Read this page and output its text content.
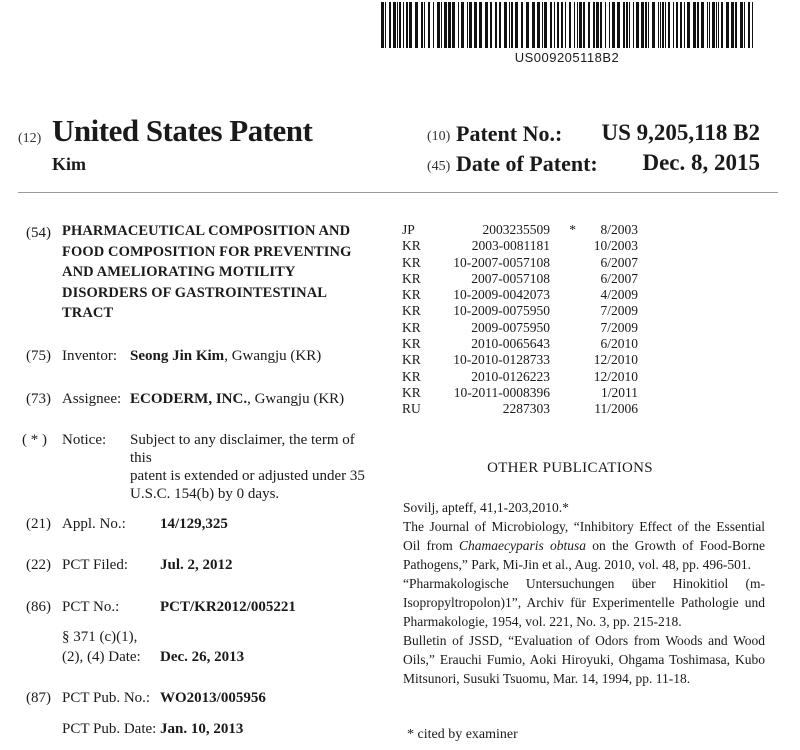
US009205118B2
(12) United States Patent
Kim
(10) Patent No.: US 9,205,118 B2
(45) Date of Patent: Dec. 8, 2015
(54) PHARMACEUTICAL COMPOSITION AND
FOOD COMPOSITION FOR PREVENTING
AND AMELIORATING MOTILITY
DISORDERS OF GASTROINTESTINAL
TRACT
(75) Inventor: Seong Jin Kim, Gwangju (KR)
(73) Assignee: ECODERM, INC., Gwangju (KR)
( * ) Notice: Subject to any disclaimer, the term of this
patent is extended or adjusted under 35
U.S.C. 154(b) by 0 days.
(21) Appl. No.: 14/129,325
(22) PCT Filed: Jul. 2, 2012
(86) PCT No.:	PCT/KR2012/005221
§ 371 (c)(1),
(2), (4) Date: Dec. 26, 2013
(87) PCT Pub. No.: WO2013/005956
PCT Pub. Date: Jan. 10, 2013
JP	2003235509	*	8/2003
KR	2003-0081181	10/2003
KR	10-2007-0057108	6/2007
KR	2007-0057108	6/2007
KR	10-2009-0042073	4/2009
KR	10-2009-0075950	7/2009
KR	2009-0075950	7/2009
KR	2010-0065643	6/2010
KR	10-2010-0128733	12/2010
KR	2010-0126223	12/2010
KR	10-2011-0008396	1/2011
RU	2287303	11/2006
OTHER PUBLICATIONS
Sovilj, apteff, 41,1-203,2010.*
The Journal of Microbiology, “Inhibitory Effect of the Essential Oil from Chamaecyparis obtusa on the Growth of Food-Borne Pathogens,” Park, Mi-Jin et al., Aug. 2010, vol. 48, pp. 496-501.
“Pharmakologische Untersuchungen über Hinokitiol (m-Isopropyltropolon)1”, Archiv für Experimentelle Pathologie und Pharmakologie, 1954, vol. 221, No. 3, pp. 215-218.
Bulletin of JSSD, “Evaluation of Odors from Woods and Wood Oils,” Erauchi Fumio, Aoki Hiroyuki, Ohgama Toshimasa, Kubo Mitsunori, Susuki Tsuomu, Mar. 14, 1994, pp. 11-18.
* cited by examiner
